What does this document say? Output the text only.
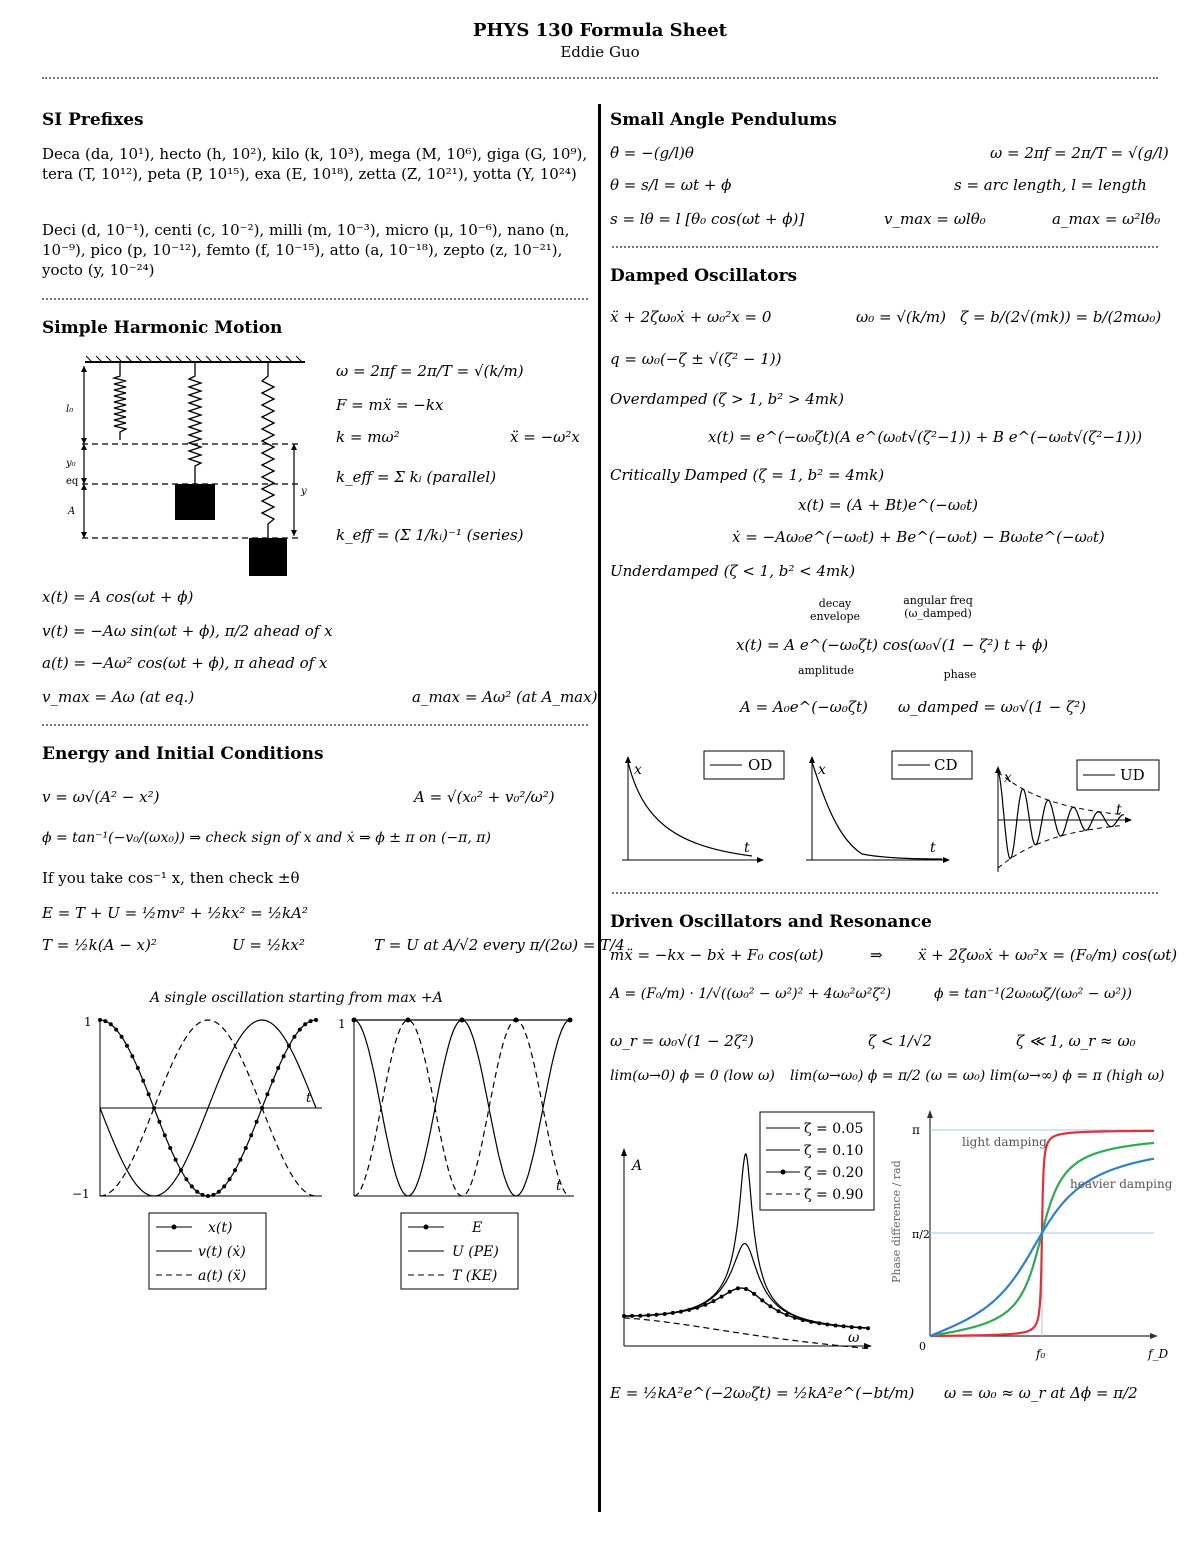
PHYS 130 Formula Sheet
Eddie Guo
SI Prefixes
Deca (da, 10¹), hecto (h, 10²), kilo (k, 10³), mega (M, 10⁶), giga (G, 10⁹), tera (T, 10¹²), peta (P, 10¹⁵), exa (E, 10¹⁸), zetta (Z, 10²¹), yotta (Y, 10²⁴)
Deci (d, 10⁻¹), centi (c, 10⁻²), milli (m, 10⁻³), micro (μ, 10⁻⁶), nano (n, 10⁻⁹), pico (p, 10⁻¹²), femto (f, 10⁻¹⁵), atto (a, 10⁻¹⁸), zepto (z, 10⁻²¹), yocto (y, 10⁻²⁴)
Simple Harmonic Motion
l₀
y₀
eq
A
y
ω = 2πf = 2π/T = √(k/m)
F = mẍ = −kx
k = mω²	ẍ = −ω²x
k_eff = Σ kᵢ (parallel)
k_eff = (Σ 1/kᵢ)⁻¹ (series)
x(t) = A cos(ωt + ϕ)
v(t) = −Aω sin(ωt + ϕ), π/2 ahead of x
a(t) = −Aω² cos(ωt + ϕ), π ahead of x
v_max = Aω (at eq.)	a_max = Aω² (at A_max)
Energy and Initial Conditions
v = ω√(A² − x²)	A = √(x₀² + v₀²/ω²)
ϕ = tan⁻¹(−v₀/(ωx₀)) ⇒ check sign of x and ẋ ⇒ ϕ ± π on (−π, π)
If you take cos⁻¹ x, then check ±θ
E = T + U = ½mv² + ½kx² = ½kA²
T = ½k(A − x)²	U = ½kx²	T = U at A/√2 every π/(2ω) = T/4
A single oscillation starting from max +A
1
−1
t
1
t
x(t)
v(t) (ẋ)
a(t) (ẍ)
E
U (PE)
T (KE)
Small Angle Pendulums
θ̈ = −(g/l)θ	ω = 2πf = 2π/T = √(g/l)
θ = s/l = ωt + ϕ	s = arc length, l = length
s = lθ = l [θ₀ cos(ωt + ϕ)]	v_max = ωlθ₀	a_max = ω²lθ₀
Damped Oscillators
ẍ + 2ζω₀ẋ + ω₀²x = 0	ω₀ = √(k/m) ζ = b/(2√(mk)) = b/(2mω₀)
q = ω₀(−ζ ± √(ζ² − 1))
Overdamped (ζ > 1, b² > 4mk)
x(t) = e^(−ω₀ζt)(A e^(ω₀t√(ζ²−1)) + B e^(−ω₀t√(ζ²−1)))
Critically Damped (ζ = 1, b² = 4mk)
x(t) = (A + Bt)e^(−ω₀t)
ẋ = −Aω₀e^(−ω₀t) + Be^(−ω₀t) − Bω₀te^(−ω₀t)
Underdamped (ζ < 1, b² < 4mk)
decay envelope
angular freq (ω_damped)
x(t) = A e^(−ω₀ζt) cos(ω₀√(1 − ζ²) t + ϕ)
amplitude	phase
A = A₀e^(−ω₀ζt) ω_damped = ω₀√(1 − ζ²)
x
t
OD	x
t
CD
x
t
UD
Driven Oscillators and Resonance
mẍ = −kx − bẋ + F₀ cos(ωt)	⇒ ẍ + 2ζω₀ẋ + ω₀²x = (F₀/m) cos(ωt)
A = (F₀/m) · 1/√((ω₀² − ω²)² + 4ω₀²ω²ζ²)	ϕ = tan⁻¹(2ω₀ωζ/(ω₀² − ω²))
ω_r = ω₀√(1 − 2ζ²)	ζ < 1/√2	ζ ≪ 1, ω_r ≈ ω₀
lim(ω→0) ϕ = 0 (low ω) lim(ω→ω₀) ϕ = π/2 (ω = ω₀) lim(ω→∞) ϕ = π (high ω)
A
ω
ζ = 0.05
ζ = 0.10
ζ = 0.20
ζ = 0.90
π
π/2
0
f₀	f_D
Phase difference / rad
light damping
heavier damping
E = ½kA²e^(−2ω₀ζt) = ½kA²e^(−bt/m) ω = ω₀ ≈ ω_r at Δϕ = π/2
